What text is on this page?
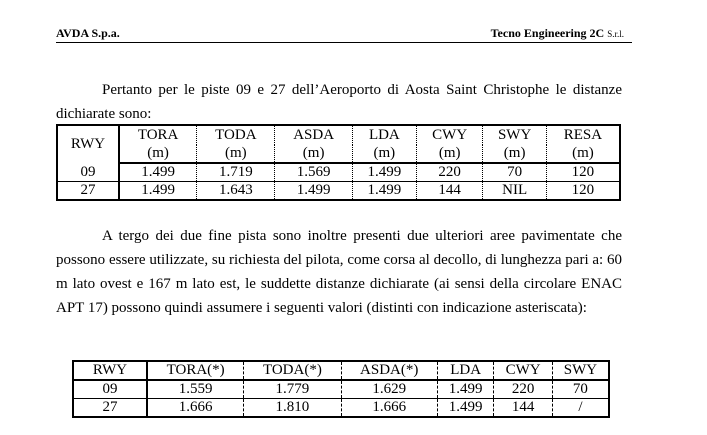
AVDA S.p.a.	Tecno Engineering 2C S.r.l.
Pertanto per le piste 09 e 27 dell’Aeroporto di Aosta Saint Christophe le distanze dichiarate sono:
RWY	TORA	TODA	ASDA	LDA	CWY	SWY	RESA
	(m)	(m)	(m)	(m)	(m)	(m)	(m)
09	1.499	1.719	1.569	1.499	220	70	120
27	1.499	1.643	1.499	1.499	144	NIL	120
A tergo dei due fine pista sono inoltre presenti due ulteriori aree pavimentate che possono essere utilizzate, su richiesta del pilota, come corsa al decollo, di lunghezza pari a: 60 m lato ovest e 167 m lato est, le suddette distanze dichiarate (ai sensi della circolare ENAC APT 17) possono quindi assumere i seguenti valori (distinti con indicazione asteriscata):
RWY	TORA(*)	TODA(*)	ASDA(*)	LDA	CWY	SWY
09	1.559	1.779	1.629	1.499	220	70
27	1.666	1.810	1.666	1.499	144	/
